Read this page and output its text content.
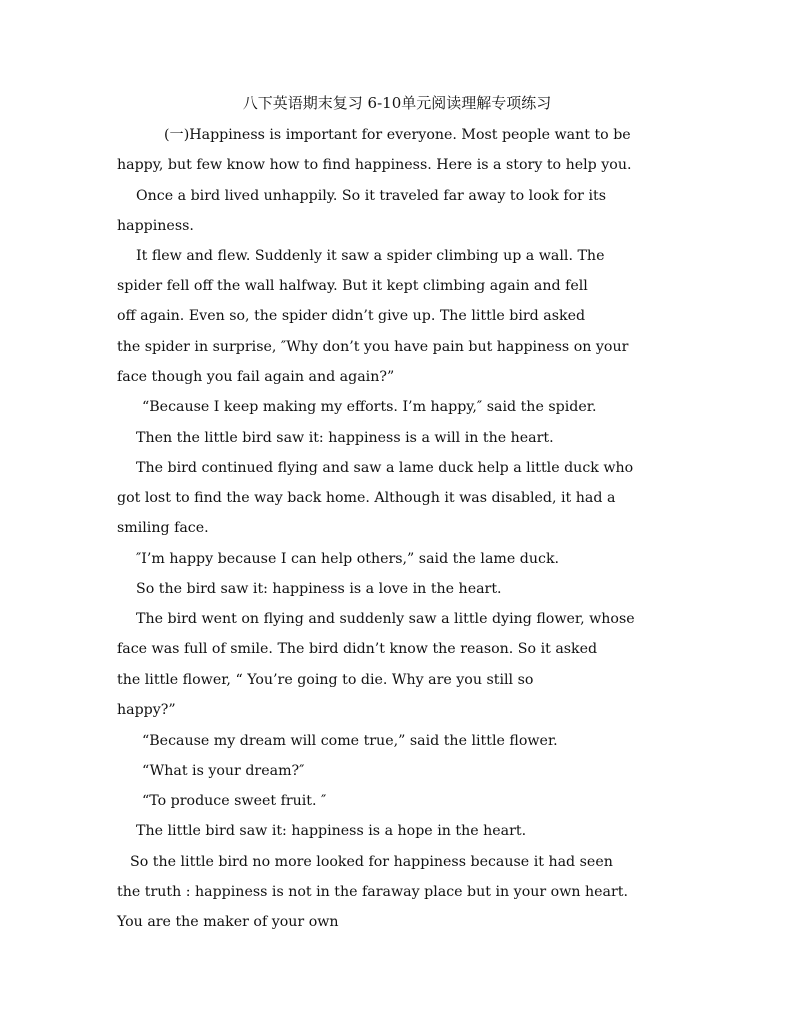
八下英语期末复习 6-10单元阅读理解专项练习
(一)Happiness is important for everyone. Most people want to be
happy, but few know how to find happiness. Here is a story to help you.
Once a bird lived unhappily. So it traveled far away to look for its
happiness.
It flew and flew. Suddenly it saw a spider climbing up a wall. The
spider fell off the wall halfway. But it kept climbing again and fell
off again. Even so, the spider didn’t give up. The little bird asked
the spider in surprise, ″Why don’t you have pain but happiness on your
face though you fail again and again?”
“Because I keep making my efforts. I’m happy,″ said the spider.
Then the little bird saw it: happiness is a will in the heart.
The bird continued flying and saw a lame duck help a little duck who
got lost to find the way back home. Although it was disabled, it had a
smiling face.
″I’m happy because I can help others,” said the lame duck.
So the bird saw it: happiness is a love in the heart.
The bird went on flying and suddenly saw a little dying flower, whose
face was full of smile. The bird didn’t know the reason. So it asked
the little flower, “ You’re going to die. Why are you still so
happy?”
“Because my dream will come true,” said the little flower.
“What is your dream?″
“To produce sweet fruit. ″
The little bird saw it: happiness is a hope in the heart.
So the little bird no more looked for happiness because it had seen
the truth : happiness is not in the faraway place but in your own heart.
You are the maker of your own
